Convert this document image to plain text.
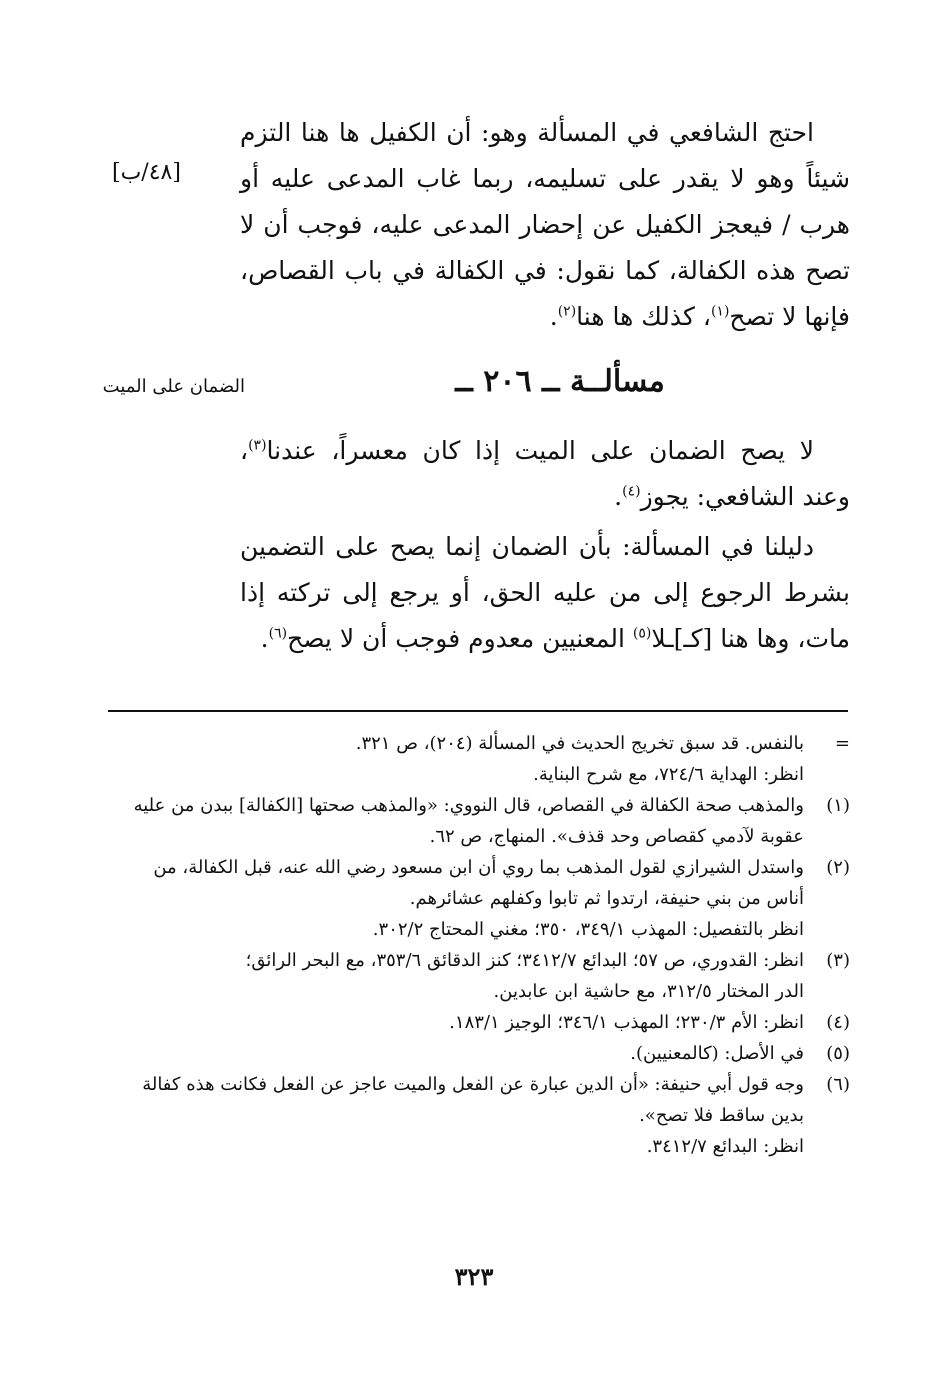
[٤٨/ب]
الضمان على الميت

احتج الشافعي في المسألة وهو: أن الكفيل ها هنا التزم شيئاً وهو لا يقدر على تسليمه، ربما غاب المدعى عليه أو هرب / فيعجز الكفيل عن إحضار المدعى عليه، فوجب أن لا تصح هذه الكفالة، كما نقول: في الكفالة في باب القصاص، فإنها لا تصح$^{(١)}$، كذلك ها هنا$^{(٢)}$.

مسألــة ــ ٢٠٦ ــ

لا يصح الضمان على الميت إذا كان معسراً، عندنا$^{(٣)}$، وعند الشافعي: يجوز$^{(٤)}$.

دليلنا في المسألة: بأن الضمان إنما يصح على التضمين بشرط الرجوع إلى من عليه الحق، أو يرجع إلى تركته إذا مات، وها هنا [كـ]ـلا$^{(٥)}$ المعنيين معدوم فوجب أن لا يصح$^{(٦)}$.

=
بالنفس. قد سبق تخريج الحديث في المسألة (٢٠٤)، ص ٣٢١.
انظر: الهداية ٧٢٤/٦، مع شرح البناية.
(١)
والمذهب صحة الكفالة في القصاص، قال النووي: «والمذهب صحتها [الكفالة] ببدن من عليه
عقوبة لآدمي كقصاص وحد قذف». المنهاج، ص ٦٢.
(٢)
واستدل الشيرازي لقول المذهب بما روي أن ابن مسعود رضي الله عنه، قبل الكفالة، من
أناس من بني حنيفة، ارتدوا ثم تابوا وكفلهم عشائرهم.
انظر بالتفصيل: المهذب ٣٤٩/١، ٣٥٠؛ مغني المحتاج ٣٠٢/٢.
(٣)
انظر: القدوري، ص ٥٧؛ البدائع ٣٤١٢/٧؛ كنز الدقائق ٣٥٣/٦، مع البحر الرائق؛
الدر المختار ٣١٢/٥، مع حاشية ابن عابدين.
(٤)
انظر: الأم ٢٣٠/٣؛ المهذب ٣٤٦/١؛ الوجيز ١٨٣/١.
(٥)
في الأصل: (كالمعنيين).
(٦)
وجه قول أبي حنيفة: «أن الدين عبارة عن الفعل والميت عاجز عن الفعل فكانت هذه كفالة
بدين ساقط فلا تصح».
انظر: البدائع ٣٤١٢/٧.
٣٢٣
